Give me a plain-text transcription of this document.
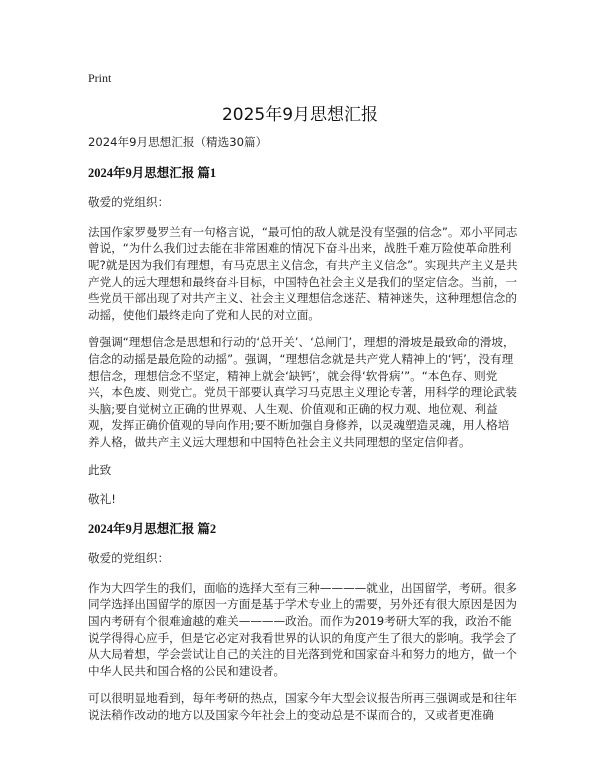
Print
2025年9月思想汇报

2024年9月思想汇报（精选30篇）

2024年9月思想汇报 篇1

敬爱的党组织：

法国作家罗曼罗兰有一句格言说，“最可怕的敌人就是没有坚强的信念”。邓小平同志曾说，“为什么我们过去能在非常困难的情况下奋斗出来，战胜千难万险使革命胜利呢?就是因为我们有理想，有马克思主义信念，有共产主义信念”。实现共产主义是共产党人的远大理想和最终奋斗目标，中国特色社会主义是我们的坚定信念。当前，一些党员干部出现了对共产主义、社会主义理想信念迷茫、精神迷失，这种理想信念的动摇，使他们最终走向了党和人民的对立面。

曾强调“理想信念是思想和行动的‘总开关’、‘总闸门’，理想的滑坡是最致命的滑坡，信念的动摇是最危险的动摇”。强调，“理想信念就是共产党人精神上的‘钙’，没有理想信念，理想信念不坚定，精神上就会‘缺钙’，就会得‘软骨病’”。“本色存、则党兴，本色废、则党亡。党员干部要认真学习马克思主义理论专著，用科学的理论武装头脑;要自觉树立正确的世界观、人生观、价值观和正确的权力观、地位观、利益观，发挥正确价值观的导向作用;要不断加强自身修养，以灵魂塑造灵魂，用人格培养人格，做共产主义远大理想和中国特色社会主义共同理想的坚定信仰者。

此致

敬礼!

2024年9月思想汇报 篇2

敬爱的党组织：

作为大四学生的我们，面临的选择大至有三种————就业，出国留学，考研。很多同学选择出国留学的原因一方面是基于学术专业上的需要，另外还有很大原因是因为国内考研有个很难逾越的难关————政治。而作为2019考研大军的我，政治不能说学得得心应手，但是它必定对我看世界的认识的角度产生了很大的影响。我学会了从大局着想，学会尝试让自己的关注的目光落到党和国家奋斗和努力的地方，做一个中华人民共和国合格的公民和建设者。

可以很明显地看到，每年考研的热点，国家今年大型会议报告所再三强调或是和往年说法稍作改动的地方以及国家今年社会上的变动总是不谋而合的，又或者更准确
